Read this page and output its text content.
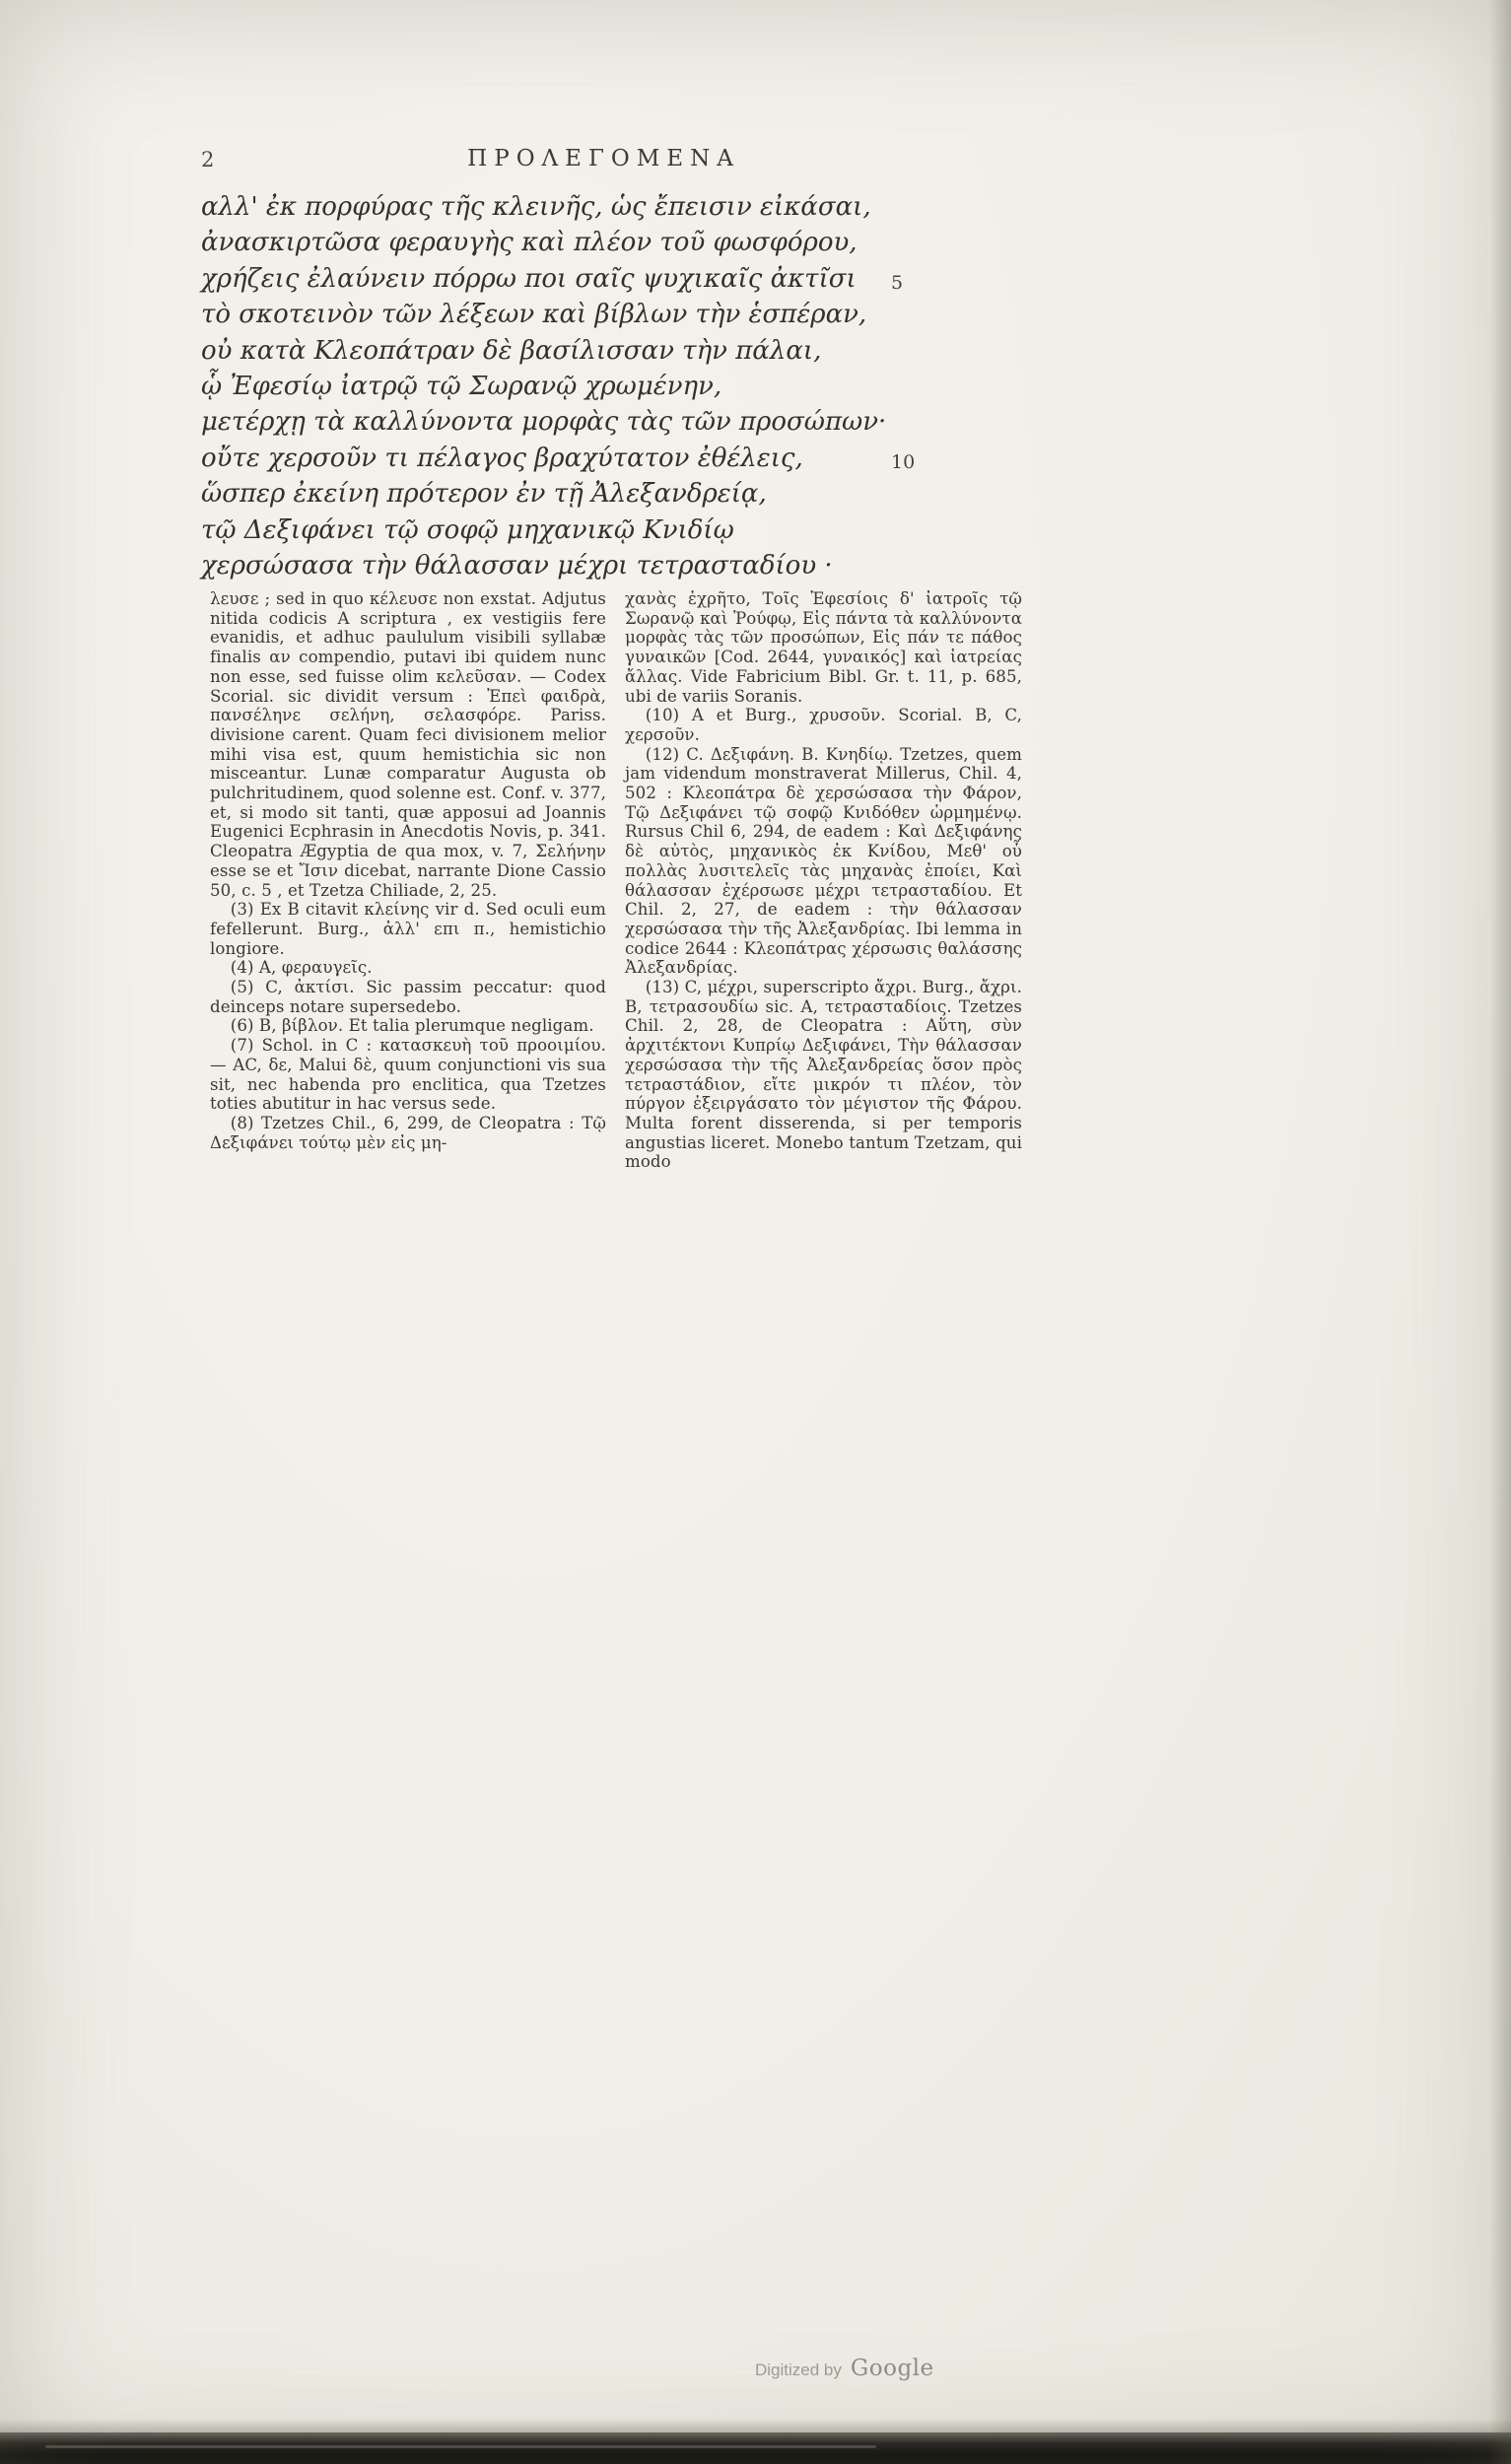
2	ΠΡΟΛΕΓΟΜΕΝΑ
αλλ' ἐκ πορφύρας τῆς κλεινῆς, ὡς ἔπεισιν εἰκάσαι,
ἀνασκιρτῶσα φεραυγὴς καὶ πλέον τοῦ φωσφόρου,
χρήζεις ἐλαύνειν πόρρω ποι σαῖς ψυχικαῖς ἀκτῖσι 5
τὸ σκοτεινὸν τῶν λέξεων καὶ βίβλων τὴν ἑσπέραν,
οὐ κατὰ Κλεοπάτραν δὲ βασίλισσαν τὴν πάλαι,
ᾧ Ἐφεσίῳ ἰατρῷ τῷ Σωρανῷ χρωμένην,
μετέρχῃ τὰ καλλύνοντα μορφὰς τὰς τῶν προσώπων·
οὔτε χερσοῦν τι πέλαγος βραχύτατον ἐθέλεις,	10
ὥσπερ ἐκείνη πρότερον ἐν τῇ Ἀλεξανδρείᾳ,
τῷ Δεξιφάνει τῷ σοφῷ μηχανικῷ Κνιδίῳ
χερσώσασα τὴν θάλασσαν μέχρι τετρασταδίου ·

λευσε ; sed in quo κέλευσε non exstat. Adjutus nitida codicis A scriptura , ex vestigiis fere evanidis, et adhuc paululum visibili syllabæ finalis αν compendio, putavi ibi quidem nunc non esse, sed fuisse olim κελεῦσαν. — Codex Scorial. sic dividit versum : Ἐπεὶ φαιδρὰ, πανσέληνε σελήνη, σελασφόρε. Pariss. divisione carent. Quam feci divisionem melior mihi visa est, quum hemistichia sic non misceantur. Lunæ comparatur Augusta ob pulchritudinem, quod solenne est. Conf. v. 377, et, si modo sit tanti, quæ apposui ad Joannis Eugenici Ecphrasin in Anecdotis Novis, p. 341. Cleopatra Ægyptia de qua mox, v. 7, Σελήνην esse se et Ἴσιν dicebat, narrante Dione Cassio 50, c. 5 , et Tzetza Chiliade, 2, 25.

(3) Ex B citavit κλείνης vir d. Sed oculi eum fefellerunt. Burg., ἀλλ' επι π., hemistichio longiore.

(4) A, φεραυγεῖς.

(5) C, ἀκτίσι. Sic passim peccatur: quod deinceps notare supersedebo.

(6) B, βίβλον. Et talia plerumque negligam.

(7) Schol. in C : κατασκευὴ τοῦ προοιμίου. — AC, δε, Malui δὲ, quum conjunctioni vis sua sit, nec habenda pro enclitica, qua Tzetzes toties abutitur in hac versus sede.

(8) Tzetzes Chil., 6, 299, de Cleopatra : Τῷ Δεξιφάνει τούτῳ μὲν εἰς μη-

χανὰς ἐχρῆτο, Τοῖς Ἐφεσίοις δ' ἰατροῖς τῷ Σωρανῷ καὶ Ῥούφῳ, Εἰς πάντα τὰ καλλύνοντα μορφὰς τὰς τῶν προσώπων, Εἰς πάν τε πάθος γυναικῶν [Cod. 2644, γυναικός] καὶ ἰατρείας ἄλλας. Vide Fabricium Bibl. Gr. t. 11, p. 685, ubi de variis Soranis.

(10) A et Burg., χρυσοῦν. Scorial. B, C, χερσοῦν.

(12) C. Δεξιφάνη. B. Κνηδίῳ. Tzetzes, quem jam videndum monstraverat Millerus, Chil. 4, 502 : Κλεοπάτρα δὲ χερσώσασα τὴν Φάρον, Τῷ Δεξιφάνει τῷ σοφῷ Κνιδόθεν ὡρμημένῳ. Rursus Chil 6, 294, de eadem : Καὶ Δεξιφάνης δὲ αὐτὸς, μηχανικὸς ἐκ Κνίδου, Μεθ' οὗ πολλὰς λυσιτελεῖς τὰς μηχανὰς ἐποίει, Καὶ θάλασσαν ἐχέρσωσε μέχρι τετρασταδίου. Et Chil. 2, 27, de eadem : τὴν θάλασσαν χερσώσασα τὴν τῆς Ἀλεξανδρίας. Ibi lemma in codice 2644 : Κλεοπάτρας χέρσωσις θαλάσσης Ἀλεξανδρίας.

(13) C, μέχρι, superscripto ἄχρι. Burg., ἄχρι. B, τετρασουδίω sic. A, τετρασταδίοις. Tzetzes Chil. 2, 28, de Cleopatra : Αὕτη, σὺν ἀρχιτέκτονι Κυπρίῳ Δεξιφάνει, Τὴν θάλασσαν χερσώσασα τὴν τῆς Ἀλεξανδρείας ὅσον πρὸς τετραστάδιον, εἴτε μικρόν τι πλέον, τὸν πύργον ἐξειργάσατο τὸν μέγιστον τῆς Φάρου. Multa forent disserenda, si per temporis angustias liceret. Monebo tantum Tzetzam, qui modo

Digitized by Google
